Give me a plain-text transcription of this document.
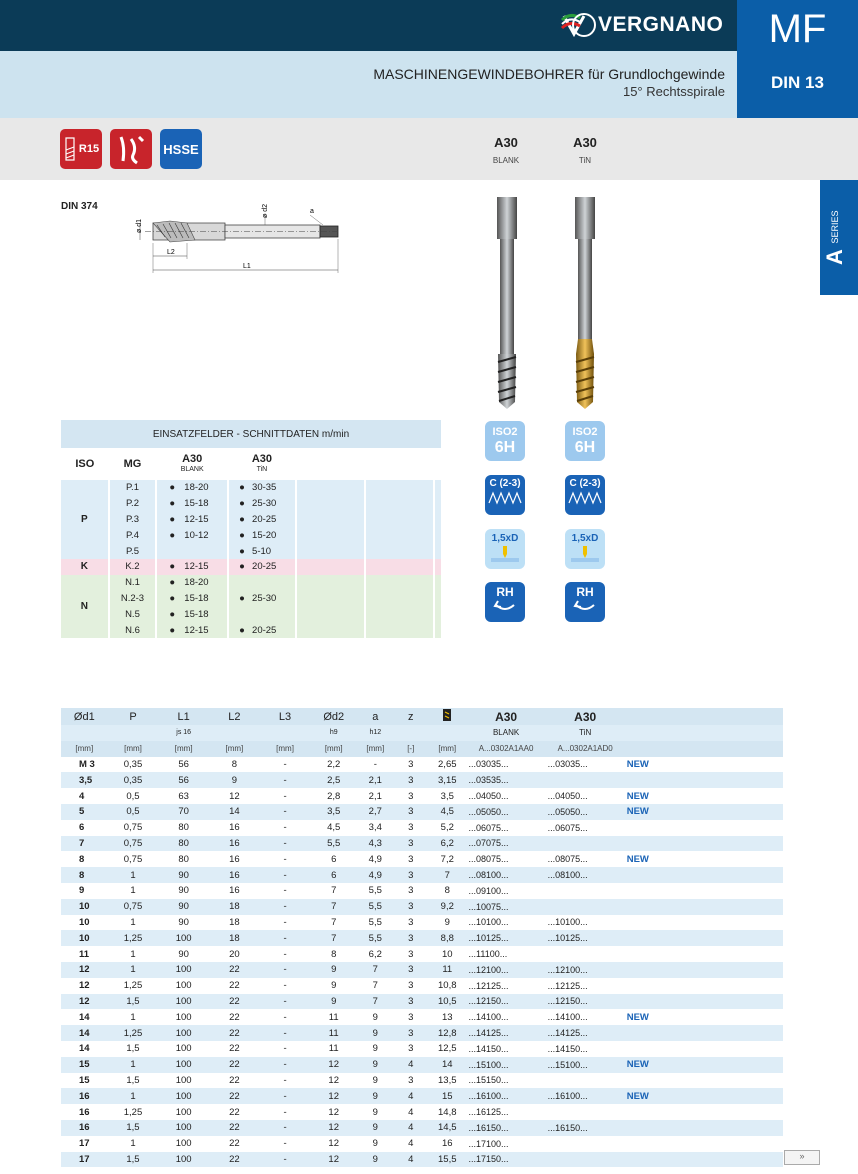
VERGNANO	MF
DIN 13
MASCHINENGEWINDEBOHRER für Grundlochgewinde
15° Rechtsspirale
R15	HSSE	A30
BLANK
A30
TiN
SERIES
A
DIN 374
ø d1
ø d2	a
L2
L1
EINSATZFELDER - SCHNITTDATEN m/min						
ISO	MG	A30
BLANK	A30
TiN			
P	P.1	● 18-20	● 30-35			
	P.2	● 15-18	● 25-30			
	P.3	● 12-15	● 20-25			
	P.4	● 10-12	● 15-20			
	P.5		● 5-10			
K	K.2	● 12-15	● 20-25			
N	N.1	● 18-20				
	N.2-3	● 15-18	● 25-30			
	N.5	● 15-18				
	N.6	● 12-15	● 20-25			
ISO2
6H
ISO2
6H
C (2-3)	C (2-3)
1,5xD	1,5xD
RH	RH
Ød1	P	L1	L2	L3	Ød2	a	z		A30	A30		
		js 16			h9	h12			BLANK	TiN		
[mm]	[mm]	[mm]	[mm]	[mm]	[mm]	[mm]	[-]	[mm]	A...0302A1AA0	A...0302A1AD0		
M 3	0,35	56	8	-	2,2	-	3	2,65	...03035...	...03035...	NEW	
3,5	0,35	56	9	-	2,5	2,1	3	3,15	...03535...			
4	0,5	63	12	-	2,8	2,1	3	3,5	...04050...	...04050...	NEW	
5	0,5	70	14	-	3,5	2,7	3	4,5	...05050...	...05050...	NEW	
6	0,75	80	16	-	4,5	3,4	3	5,2	...06075...	...06075...		
7	0,75	80	16	-	5,5	4,3	3	6,2	...07075...			
8	0,75	80	16	-	6	4,9	3	7,2	...08075...	...08075...	NEW	
8	1	90	16	-	6	4,9	3	7	...08100...	...08100...		
9	1	90	16	-	7	5,5	3	8	...09100...			
10	0,75	90	18	-	7	5,5	3	9,2	...10075...			
10	1	90	18	-	7	5,5	3	9	...10100...	...10100...		
10	1,25	100	18	-	7	5,5	3	8,8	...10125...	...10125...		
11	1	90	20	-	8	6,2	3	10	...11100...			
12	1	100	22	-	9	7	3	11	...12100...	...12100...		
12	1,25	100	22	-	9	7	3	10,8	...12125...	...12125...		
12	1,5	100	22	-	9	7	3	10,5	...12150...	...12150...		
14	1	100	22	-	11	9	3	13	...14100...	...14100...	NEW	
14	1,25	100	22	-	11	9	3	12,8	...14125...	...14125...		
14	1,5	100	22	-	11	9	3	12,5	...14150...	...14150...		
15	1	100	22	-	12	9	4	14	...15100...	...15100...	NEW	
15	1,5	100	22	-	12	9	3	13,5	...15150...			
16	1	100	22	-	12	9	4	15	...16100...	...16100...	NEW	
16	1,25	100	22	-	12	9	4	14,8	...16125...			
16	1,5	100	22	-	12	9	4	14,5	...16150...	...16150...		
17	1	100	22	-	12	9	4	16	...17100...			
17	1,5	100	22	-	12	9	4	15,5	...17150...				»
